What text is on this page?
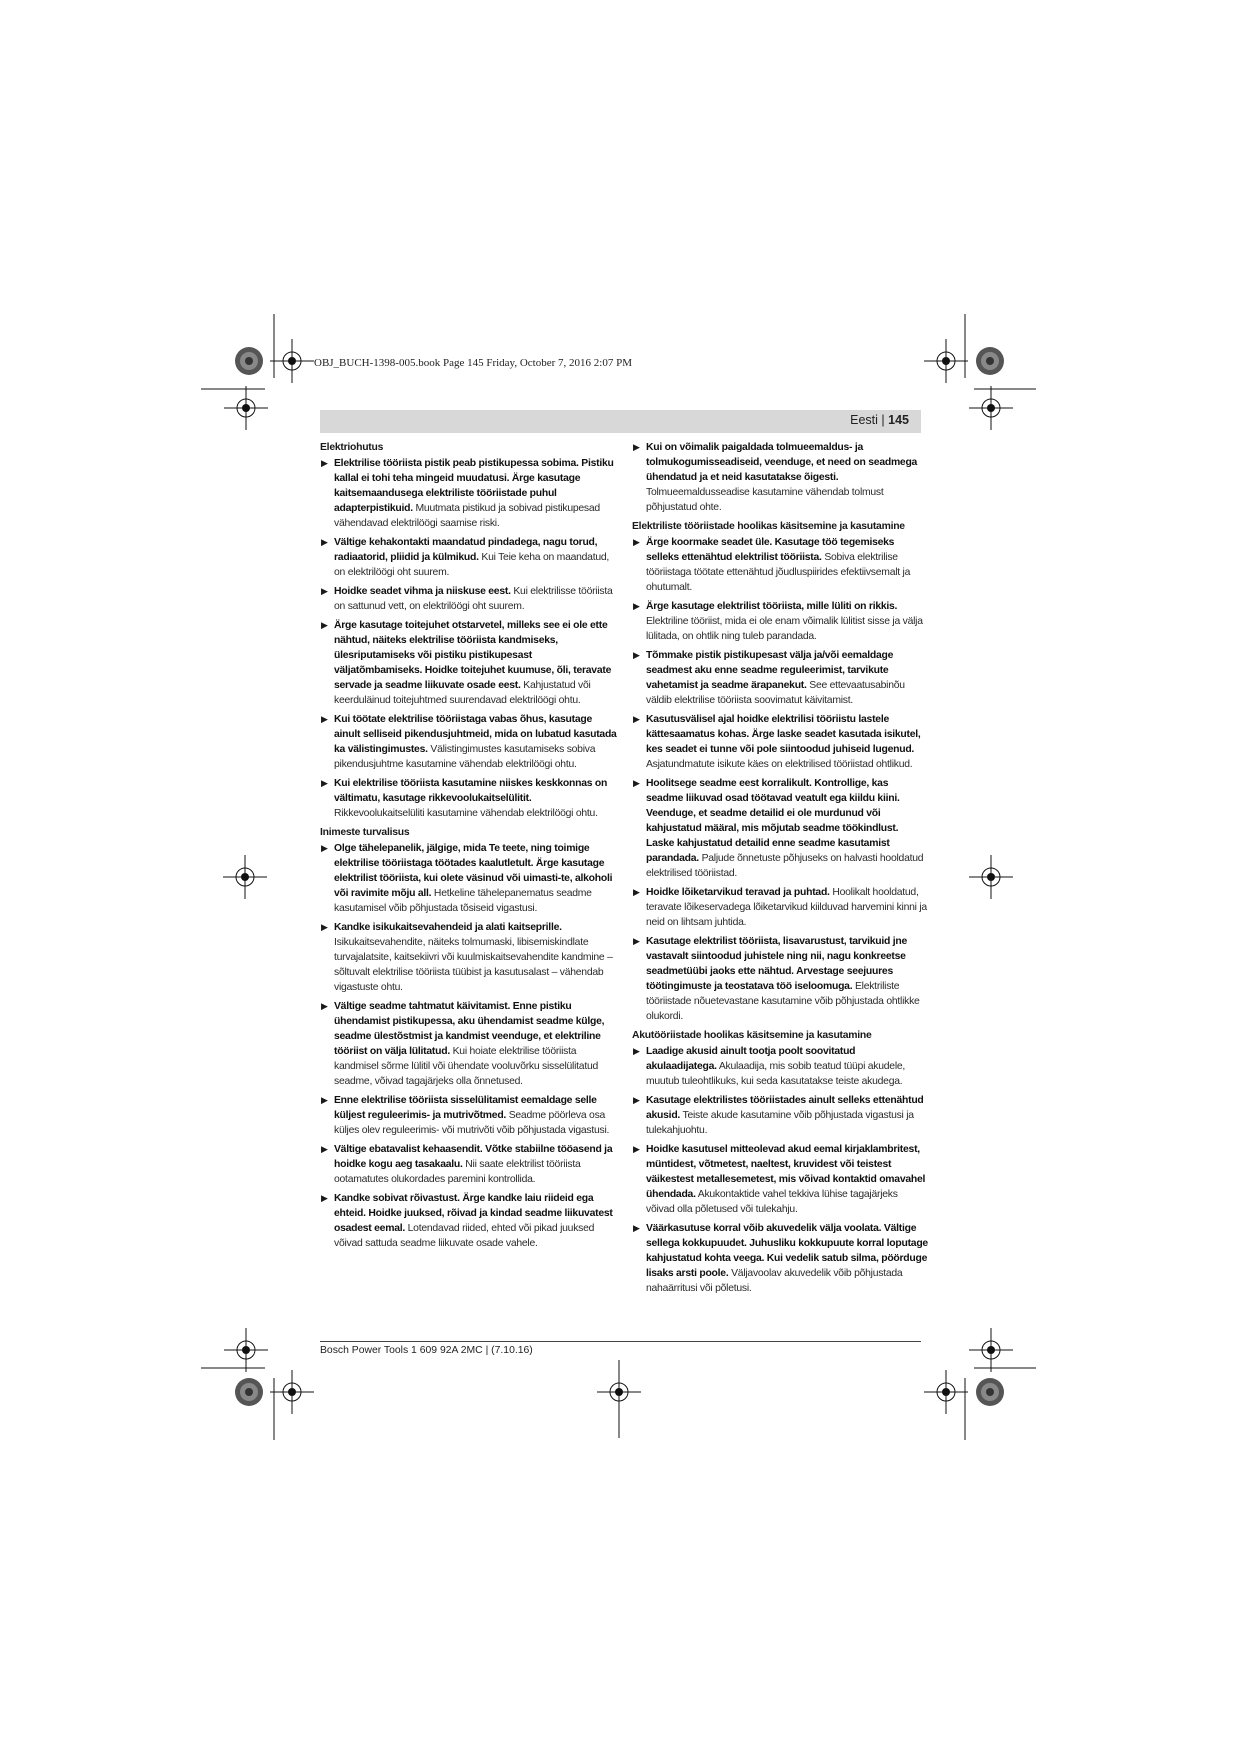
OBJ_BUCH-1398-005.book Page 145 Friday, October 7, 2016 2:07 PM
Eesti | 145
Elektriohutus
▶ Elektrilise tööriista pistik peab pistikupessa sobima. Pistiku kallal ei tohi teha mingeid muudatusi. Ärge kasutage kaitsemaandusega elektriliste tööriistade puhul adapterpistikuid. Muutmata pistikud ja sobivad pistikupesad vähendavad elektrilöögi saamise riski.
▶ Vältige kehakontakti maandatud pindadega, nagu torud, radiaatorid, pliidid ja külmikud. Kui Teie keha on maandatud, on elektrilöögi oht suurem.
▶ Hoidke seadet vihma ja niiskuse eest. Kui elektrilisse tööriista on sattunud vett, on elektrilöögi oht suurem.
▶ Ärge kasutage toitejuhet otstarvetel, milleks see ei ole ette nähtud, näiteks elektrilise tööriista kandmiseks, ülesriputamiseks või pistiku pistikupesast väljatõmbamiseks. Hoidke toitejuhet kuumuse, õli, teravate servade ja seadme liikuvate osade eest. Kahjustatud või keerduläinud toitejuhtmed suurendavad elektrilöögi ohtu.
▶ Kui töötate elektrilise tööriistaga vabas õhus, kasutage ainult selliseid pikendusjuhtmeid, mida on lubatud kasutada ka välistingimustes. Välistingimustes kasutamiseks sobiva pikendusjuhtme kasutamine vähendab elektrilöögi ohtu.
▶ Kui elektrilise tööriista kasutamine niiskes keskkonnas on vältimatu, kasutage rikkevoolukaitselülitit. Rikkevoolukaitselüliti kasutamine vähendab elektrilöögi ohtu.
Inimeste turvalisus
▶ Olge tähelepanelik, jälgige, mida Te teete, ning toimige elektrilise tööriistaga töötades kaalutletult. Ärge kasutage elektrilist tööriista, kui olete väsinud või uimasti-te, alkoholi või ravimite mõju all. Hetkeline tähelepanematus seadme kasutamisel võib põhjustada tõsiseid vigastusi.
▶ Kandke isikukaitsevahendeid ja alati kaitseprille. Isikukaitsevahendite, näiteks tolmumaski, libisemiskindlate turvajalatsite, kaitsekiivri või kuulmiskaitsevahendite kandmine – sõltuvalt elektrilise tööriista tüübist ja kasutusalast – vähendab vigastuste ohtu.
▶ Vältige seadme tahtmatut käivitamist. Enne pistiku ühendamist pistikupessa, aku ühendamist seadme külge, seadme ülestõstmist ja kandmist veenduge, et elektriline tööriist on välja lülitatud. Kui hoiate elektrilise tööriista kandmisel sõrme lülitil või ühendate vooluvõrku sisselülitatud seadme, võivad tagajärjeks olla õnnetused.
▶ Enne elektrilise tööriista sisselülitamist eemaldage selle küljest reguleerimis- ja mutrivõtmed. Seadme pöörleva osa küljes olev reguleerimis- või mutrivõti võib põhjustada vigastusi.
▶ Vältige ebatavalist kehaasendit. Võtke stabiilne tööasend ja hoidke kogu aeg tasakaalu. Nii saate elektrilist tööriista ootamatutes olukordades paremini kontrollida.
▶ Kandke sobivat rõivastust. Ärge kandke laiu riideid ega ehteid. Hoidke juuksed, rõivad ja kindad seadme liikuvatest osadest eemal. Lotendavad riided, ehted või pikad juuksed võivad sattuda seadme liikuvate osade vahele.
▶ Kui on võimalik paigaldada tolmueemaldus- ja tolmukogumisseadiseid, veenduge, et need on seadmega ühendatud ja et neid kasutatakse õigesti. Tolmueemaldusseadise kasutamine vähendab tolmust põhjustatud ohte.
Elektriliste tööriistade hoolikas käsitsemine ja kasutamine
▶ Ärge koormake seadet üle. Kasutage töö tegemiseks selleks ettenähtud elektrilist tööriista. Sobiva elektrilise tööriistaga töötate ettenähtud jõudluspiirides efektiivsemalt ja ohutumalt.
▶ Ärge kasutage elektrilist tööriista, mille lüliti on rikkis. Elektriline tööriist, mida ei ole enam võimalik lülitist sisse ja välja lülitada, on ohtlik ning tuleb parandada.
▶ Tõmmake pistik pistikupesast välja ja/või eemaldage seadmest aku enne seadme reguleerimist, tarvikute vahetamist ja seadme ärapanekut. See ettevaatusabinõu väldib elektrilise tööriista soovimatut käivitamist.
▶ Kasutusvälisel ajal hoidke elektrilisi tööriistu lastele kättesaamatus kohas. Ärge laske seadet kasutada isikutel, kes seadet ei tunne või pole siintoodud juhiseid lugenud. Asjatundmatute isikute käes on elektrilised tööriistad ohtlikud.
▶ Hoolitsege seadme eest korralikult. Kontrollige, kas seadme liikuvad osad töötavad veatult ega kiildu kiini. Veenduge, et seadme detailid ei ole murdunud või kahjustatud määral, mis mõjutab seadme töökindlust. Laske kahjustatud detailid enne seadme kasutamist parandada. Paljude õnnetuste põhjuseks on halvasti hooldatud elektrilised tööriistad.
▶ Hoidke lõiketarvikud teravad ja puhtad. Hoolikalt hooldatud, teravate lõikeservadega lõiketarvikud kiilduvad harvemini kinni ja neid on lihtsam juhtida.
▶ Kasutage elektrilist tööriista, lisavarustust, tarvikuid jne vastavalt siintoodud juhistele ning nii, nagu konkreetse seadmetüübi jaoks ette nähtud. Arvestage seejuures töötingimuste ja teostatava töö iseloomuga. Elektriliste tööriistade nõuetevastane kasutamine võib põhjustada ohtlikke olukordi.
Akutööriistade hoolikas käsitsemine ja kasutamine
▶ Laadige akusid ainult tootja poolt soovitatud akulaadijatega. Akulaadija, mis sobib teatud tüüpi akudele, muutub tuleohtlikuks, kui seda kasutatakse teiste akudega.
▶ Kasutage elektrilistes tööriistades ainult selleks ettenähtud akusid. Teiste akude kasutamine võib põhjustada vigastusi ja tulekahjuohtu.
▶ Hoidke kasutusel mitteolevad akud eemal kirjaklambritest, müntidest, võtmetest, naeltest, kruvidest või teistest väikestest metallesemetest, mis võivad kontaktid omavahel ühendada. Akukontaktide vahel tekkiva lühise tagajärjeks võivad olla põletused või tulekahju.
▶ Väärkasutuse korral võib akuvedelik välja voolata. Vältige sellega kokkupuudet. Juhusliku kokkupuute korral loputage kahjustatud kohta veega. Kui vedelik satub silma, pöörduge lisaks arsti poole. Väljavoolav akuvedelik võib põhjustada nahaärritusi või põletusi.
Bosch Power Tools 1 609 92A 2MC | (7.10.16)
